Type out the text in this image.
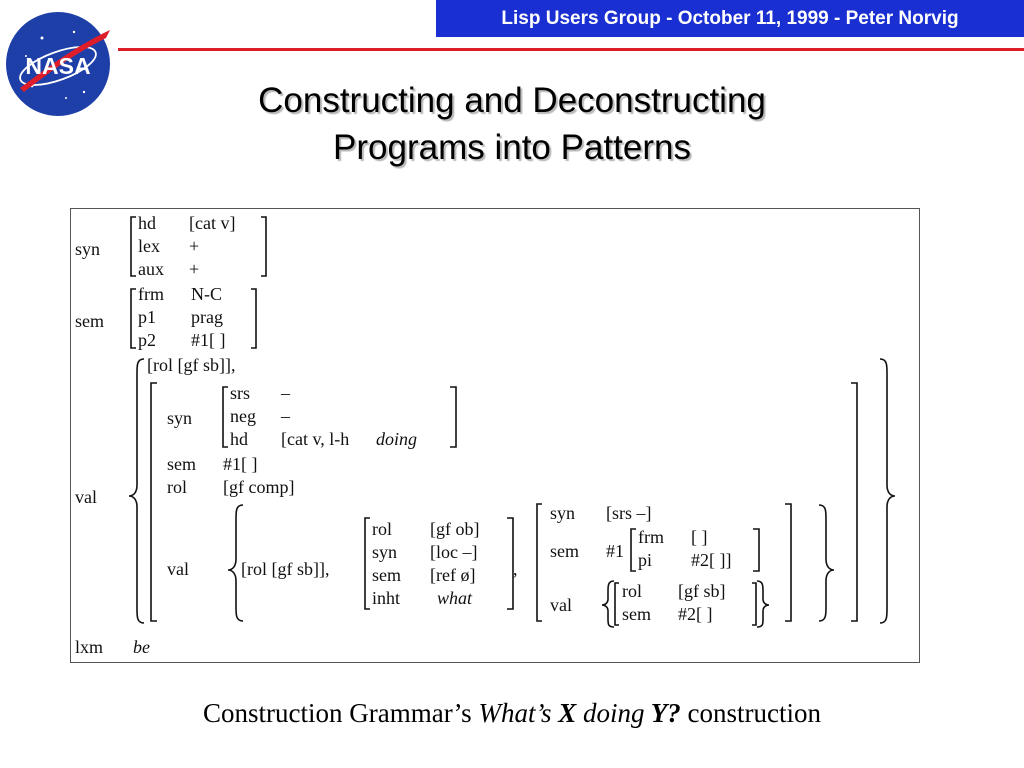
Lisp Users Group - October 11, 1999 - Peter Norvig
NASA
Constructing and Deconstructing
Programs into Patterns
syn
hd [cat v]
lex +
aux +
sem
frm N-C
p1 prag
p2 #1[ ]
val
[rol [gf sb]],
syn
srs –
neg –
hd [cat v, l-h doing
sem #1[ ]
rol [gf comp]
val	[rol [gf sb]],
rol [gf ob]
syn [loc –]
sem [ref ø]
inht what
,
syn [srs –]
sem #1
frm [ ]
pi #2[ ]]
val
rol [gf sb]
sem #2[ ]
lxm be
Construction Grammar’s What’s X doing Y? construction
